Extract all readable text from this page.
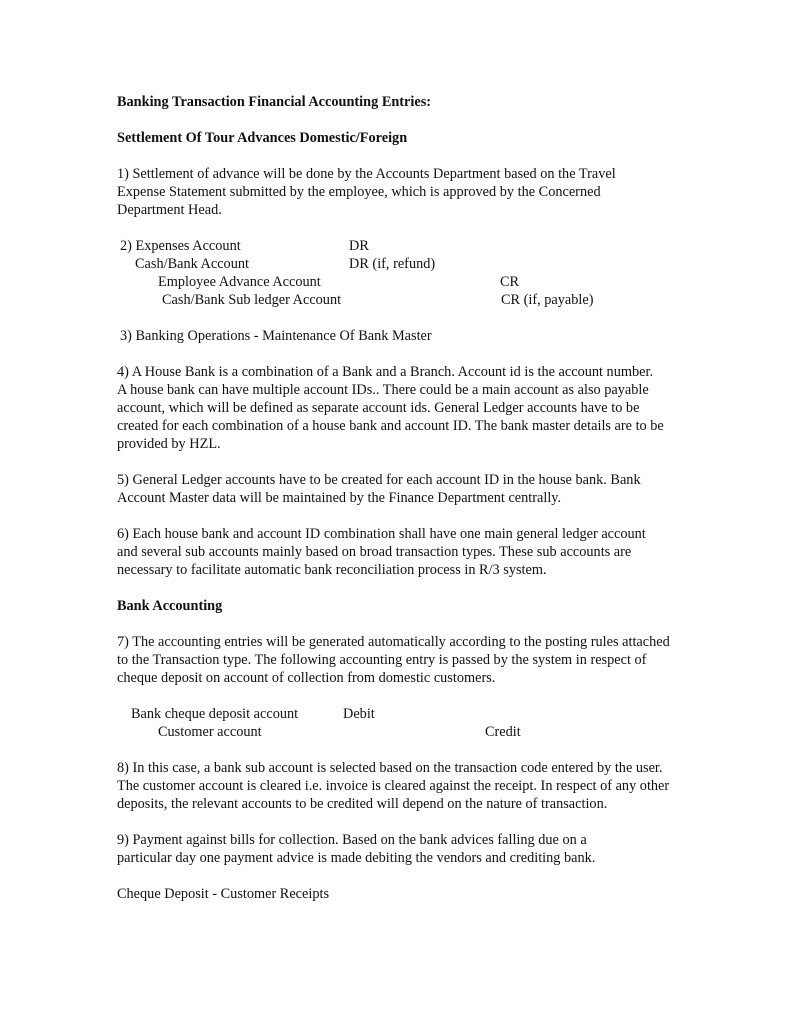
Banking Transaction Financial Accounting Entries:
Settlement Of Tour Advances Domestic/Foreign
1) Settlement of advance will be done by the Accounts Department based on the Travel Expense Statement submitted by the employee, which is approved by the Concerned Department Head.
2) Expenses Account	DR
Cash/Bank Account	DR (if, refund)
Employee Advance Account	CR
Cash/Bank Sub ledger Account	CR (if, payable)
3) Banking Operations - Maintenance Of Bank Master
4) A House Bank is a combination of a Bank and a Branch. Account id is the account number. A house bank can have multiple account IDs.. There could be a main account as also payable account, which will be defined as separate account ids. General Ledger accounts have to be created for each combination of a house bank and account ID. The bank master details are to be provided by HZL.
5) General Ledger accounts have to be created for each account ID in the house bank. Bank Account Master data will be maintained by the Finance Department centrally.
6) Each house bank and account ID combination shall have one main general ledger account and several sub accounts mainly based on broad transaction types. These sub accounts are necessary to facilitate automatic bank reconciliation process in R/3 system.
Bank Accounting
7) The accounting entries will be generated automatically according to the posting rules attached to the Transaction type. The following accounting entry is passed by the system in respect of cheque deposit on account of collection from domestic customers.
Bank cheque deposit account	Debit
Customer account	Credit
8) In this case, a bank sub account is selected based on the transaction code entered by the user. The customer account is cleared i.e. invoice is cleared against the receipt. In respect of any other deposits, the relevant accounts to be credited will depend on the nature of transaction.
9) Payment against bills for collection. Based on the bank advices falling due on a particular day one payment advice is made debiting the vendors and crediting bank.
Cheque Deposit - Customer Receipts
